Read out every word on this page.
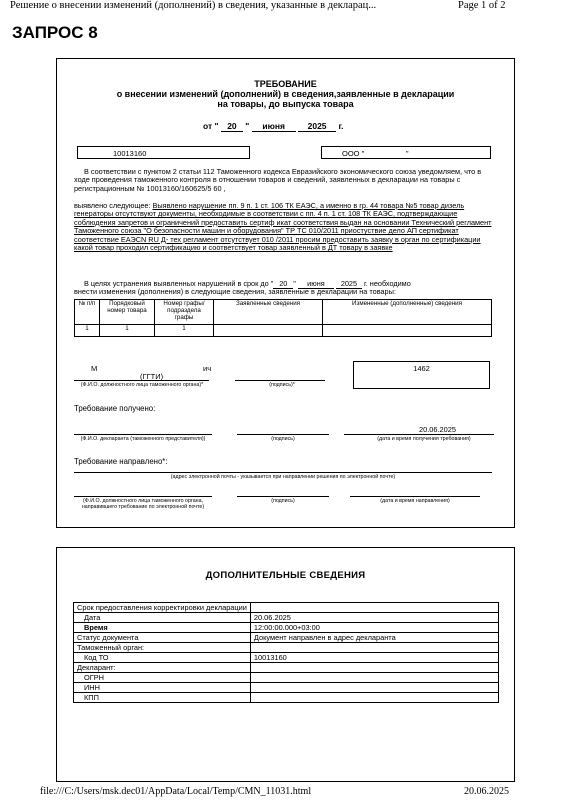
Решение о внесении изменений (дополнений) в сведения, указанные в декларац...	Page 1 of 2
ЗАПРОС 8
ТРЕБОВАНИЕ
о внесении изменений (дополнений) в сведения,заявленные в декларации
на товары, до выпуска товара
от " 20 " июня	2025 г.
10013160	ООО "                    "
В соответствии с пунктом 2 статьи 112 Таможенного кодекса Евразийского экономического союза уведомляем, что в ходе проведения таможенного контроля в отношении товаров и сведений, заявленных в декларации на товары с регистрационным № 10013160/160625/5 60 ,
выявлено следующее: Выявлено нарушение пп. 9 п. 1 ст. 106 ТК ЕАЭС, а именно в гр. 44 товара №5 товар дизель генераторы отсутствуют документы, необходимые в соответствии с пп. 4 п. 1 ст. 108 ТК ЕАЭС, подтверждающие соблюдения запретов и ограничений предоставить сертиф икат соответствия выдан на основании Технический регламент Таможенного союза "О безопасности машин и оборудования" ТР ТС 010/2011 приостуствие дело АП сертификат соответствие ЕАЭСN RU Д- тех регламент отсутствует 010 /2011 просим предоставить заявку в орган по сертификации какой товар проходил сертификацию и соответствует товар заявленный в ДТ товару в заявке
В целях устранения выявленных нарушений в срок до " 20 " июня 2025 г. необходимо
внести изменения (дополнения) в следующие сведения, заявленные в декларации на товары:
№ п/п	Порядковый номер товара	Номер графы/ подраздела графы	Заявленные сведения	Измененные (дополненные) сведения
1	1	1		
М	ич
(ГГТИ)
1462
(Ф.И.О. должностного лица таможенного органа)*	(подпись)*
Требование получено:
20.06.2025
(Ф.И.О. декларанта (таможенного представителя))	(подпись)	(дата и время получения требования)
Требование направлено*:
(адрес электронной почты - указывается при направлении решения по электронной почте)
(Ф.И.О. должностного лица таможенного органа, направившего требование по электронной почте)
(подпись)	(дата и время направления)
ДОПОЛНИТЕЛЬНЫЕ СВЕДЕНИЯ
Срок предоставления корректировки декларации	
Дата	20.06.2025
Время	12:00:00.000+03:00
Статус документа	Документ направлен в адрес декларанта
Таможенный орган:	
Код ТО	10013160
Декларант:	
ОГРН	
ИНН	
КПП	
file:///C:/Users/msk.dec01/AppData/Local/Temp/CMN_11031.html	20.06.2025
